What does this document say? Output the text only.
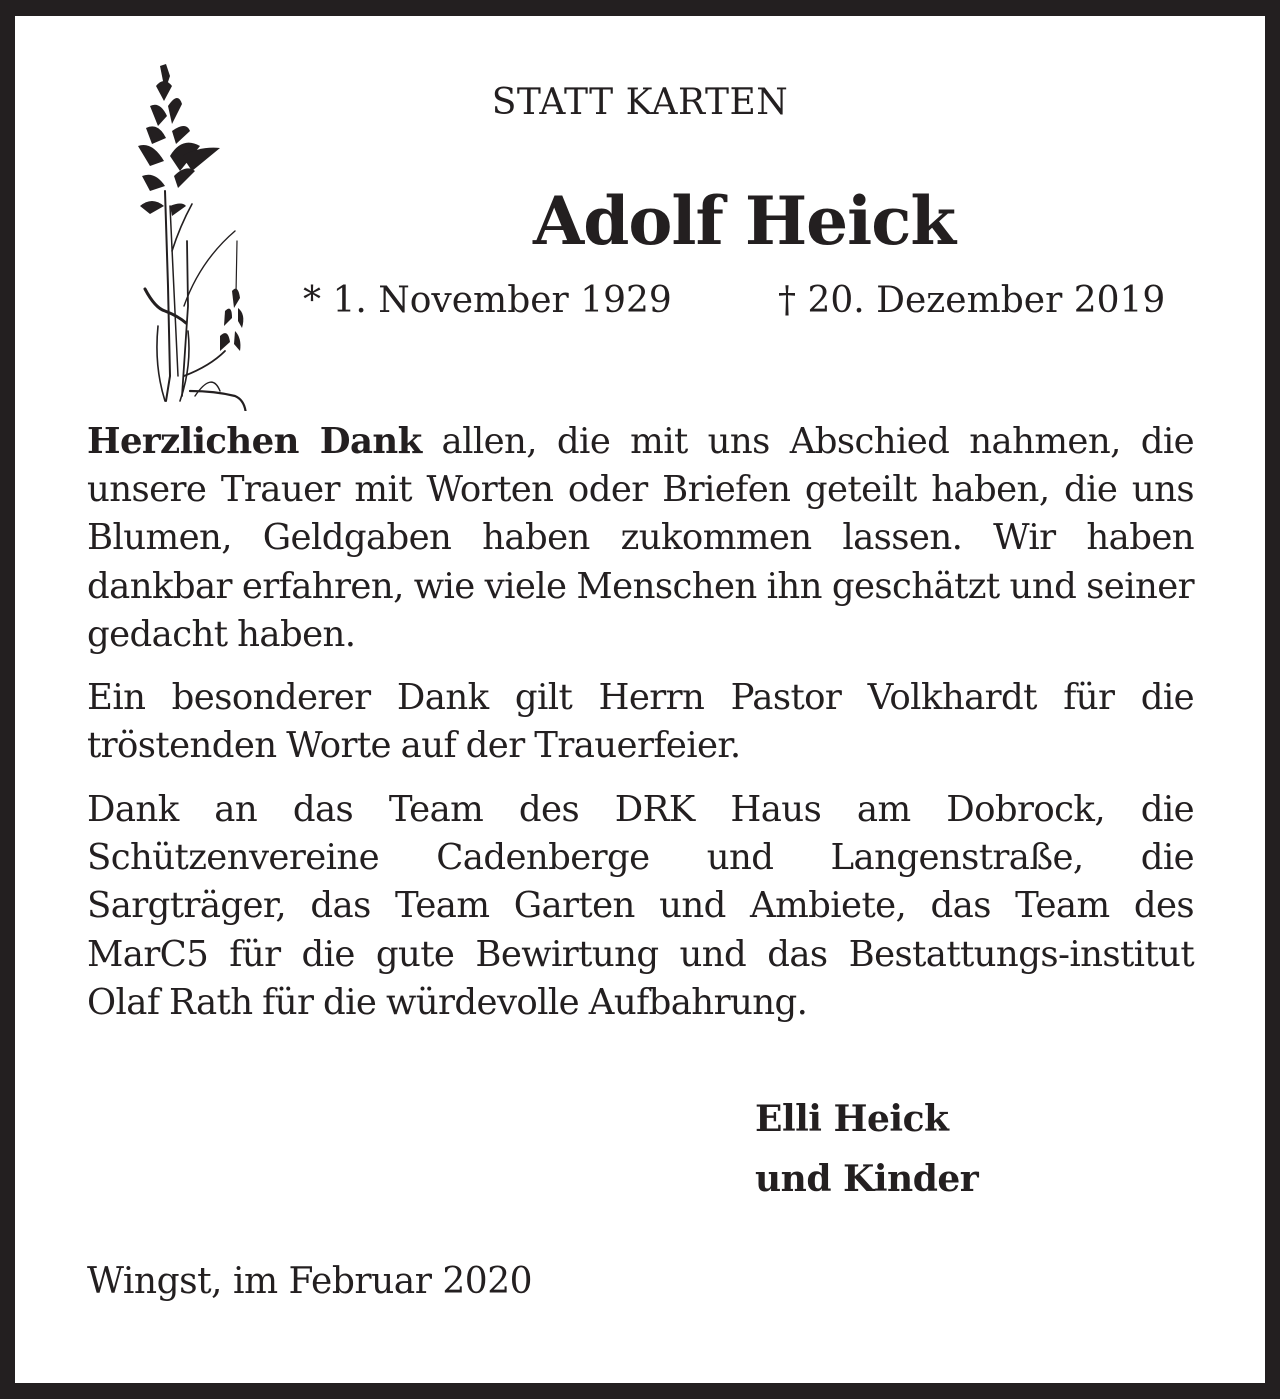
STATT KARTEN
Adolf Heick
* 1. November 1929	† 20. Dezember 2019
Herzlichen Dank allen, die mit uns Abschied nahmen, die unsere Trauer mit Worten oder Briefen geteilt haben, die uns Blumen, Geldgaben haben zukommen lassen. Wir haben dankbar erfahren, wie viele Menschen ihn geschätzt und seiner gedacht haben.
Ein besonderer Dank gilt Herrn Pastor Volkhardt für die tröstenden Worte auf der Trauerfeier.
Dank an das Team des DRK Haus am Dobrock, die Schützenvereine Cadenberge und Langenstraße, die Sargträger, das Team Garten und Ambiete, das Team des MarC5 für die gute Bewirtung und das Bestattungs-institut Olaf Rath für die würdevolle Aufbahrung.
Elli Heick
und Kinder
Wingst, im Februar 2020
